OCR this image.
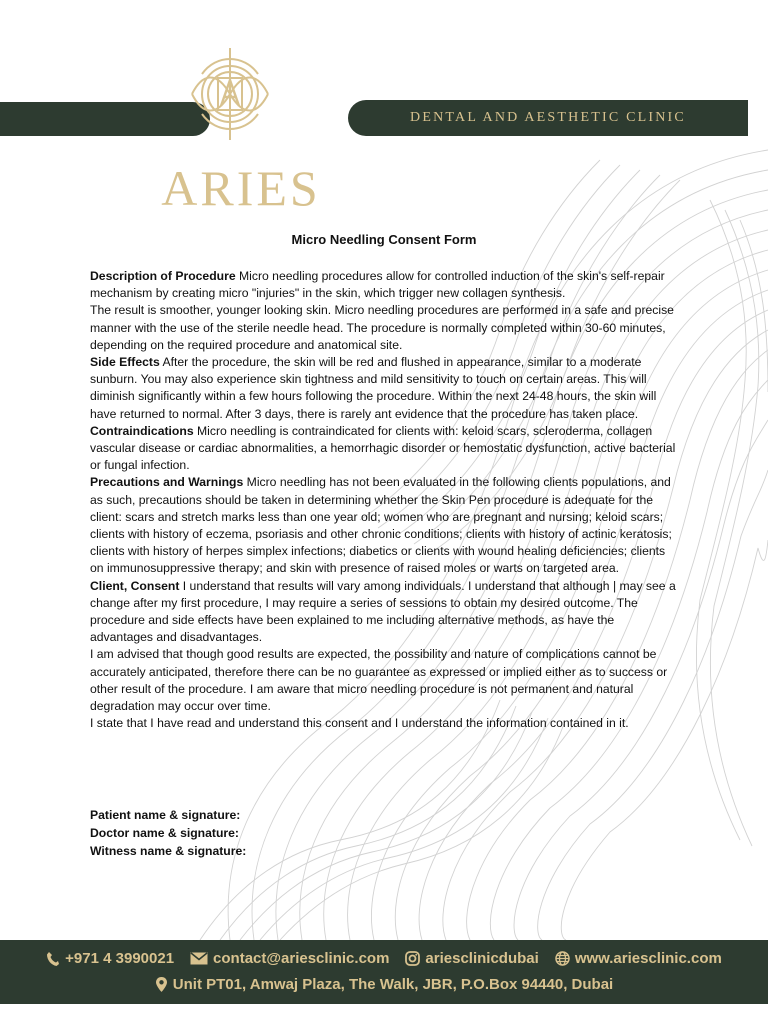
DENTAL AND AESTHETIC CLINIC
ARIES
Micro Needling Consent Form

Description of Procedure Micro needling procedures allow for controlled induction of the skin's self-repair mechanism by creating micro "injuries" in the skin, which trigger new collagen synthesis.

The result is smoother, younger looking skin. Micro needling procedures are performed in a safe and precise manner with the use of the sterile needle head. The procedure is normally completed within 30-60 minutes, depending on the required procedure and anatomical site.

Side Effects After the procedure, the skin will be red and flushed in appearance, similar to a moderate sunburn. You may also experience skin tightness and mild sensitivity to touch on certain areas. This will diminish significantly within a few hours following the procedure. Within the next 24-48 hours, the skin will have returned to normal. After 3 days, there is rarely ant evidence that the procedure has taken place.

Contraindications Micro needling is contraindicated for clients with: keloid scars, scleroderma, collagen vascular disease or cardiac abnormalities, a hemorrhagic disorder or hemostatic dysfunction, active bacterial or fungal infection.

Precautions and Warnings Micro needling has not been evaluated in the following clients populations, and as such, precautions should be taken in determining whether the Skin Pen procedure is adequate for the client: scars and stretch marks less than one year old; women who are pregnant and nursing; keloid scars; clients with history of eczema, psoriasis and other chronic conditions; clients with history of actinic keratosis; clients with history of herpes simplex infections; diabetics or clients with wound healing deficiencies; clients on immunosuppressive therapy; and skin with presence of raised moles or warts on targeted area.

Client, Consent I understand that results will vary among individuals. I understand that although | may see a change after my first procedure, I may require a series of sessions to obtain my desired outcome. The procedure and side effects have been explained to me including alternative methods, as have the advantages and disadvantages.

I am advised that though good results are expected, the possibility and nature of complications cannot be accurately anticipated, therefore there can be no guarantee as expressed or implied either as to success or other result of the procedure. I am aware that micro needling procedure is not permanent and natural degradation may occur over time.

I state that I have read and understand this consent and I understand the information contained in it.

Patient name & signature:
Doctor name & signature:
Witness name & signature:
+971 4 3990021	contact@ariesclinic.com ariesclinicdubai www.ariesclinic.com
Unit PT01, Amwaj Plaza, The Walk, JBR, P.O.Box 94440, Dubai
